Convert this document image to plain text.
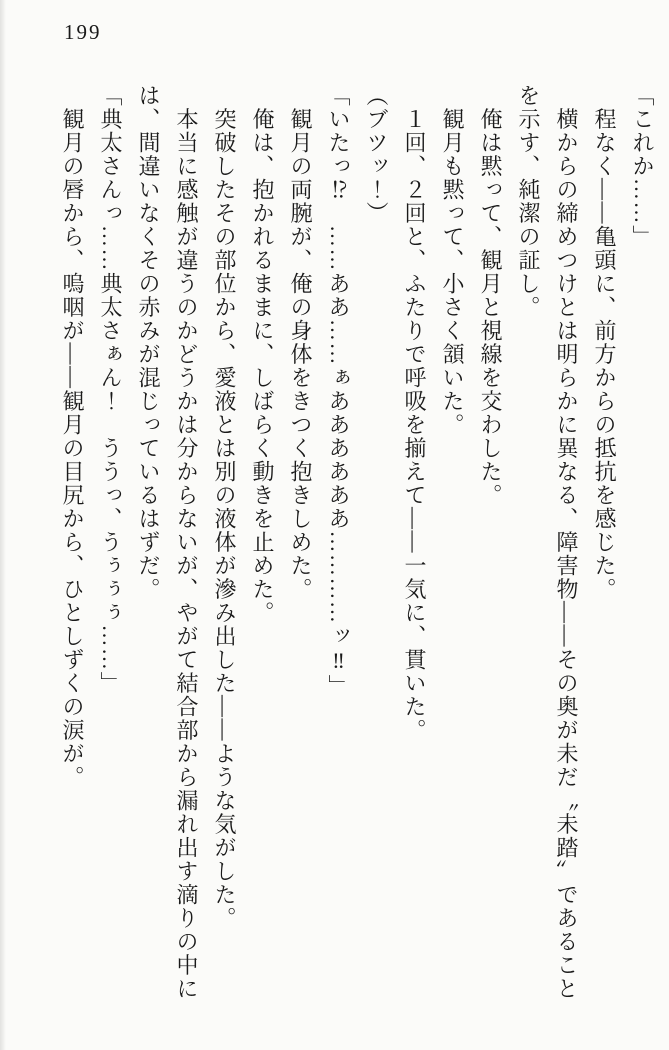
199

「これか……」

　程なく――亀頭に、前方からの抵抗を感じた。

　横からの締めつけとは明らかに異なる、障害物――その奥が未だ〝未踏〟であることを示す、純潔の証し。

　俺は黙って、観月と視線を交わした。

　観月も黙って、小さく頷いた。

　１回、２回と、ふたりで呼吸を揃えて――一気に、貫いた。

（ブツッ！）

「いたっ⁉　……ああ……ぁああああああ…………ッ‼」

　観月の両腕が、俺の身体をきつく抱きしめた。

　俺は、抱かれるままに、しばらく動きを止めた。

　突破したその部位から、愛液とは別の液体が滲み出した――ような気がした。

　本当に感触が違うのかどうかは分からないが、やがて結合部から漏れ出す滴りの中には、間違いなくその赤みが混じっているはずだ。

「典太さんっ……典太さぁん！　ううっ、うぅぅぅ……」

　観月の唇から、嗚咽が――観月の目尻から、ひとしずくの涙が。
